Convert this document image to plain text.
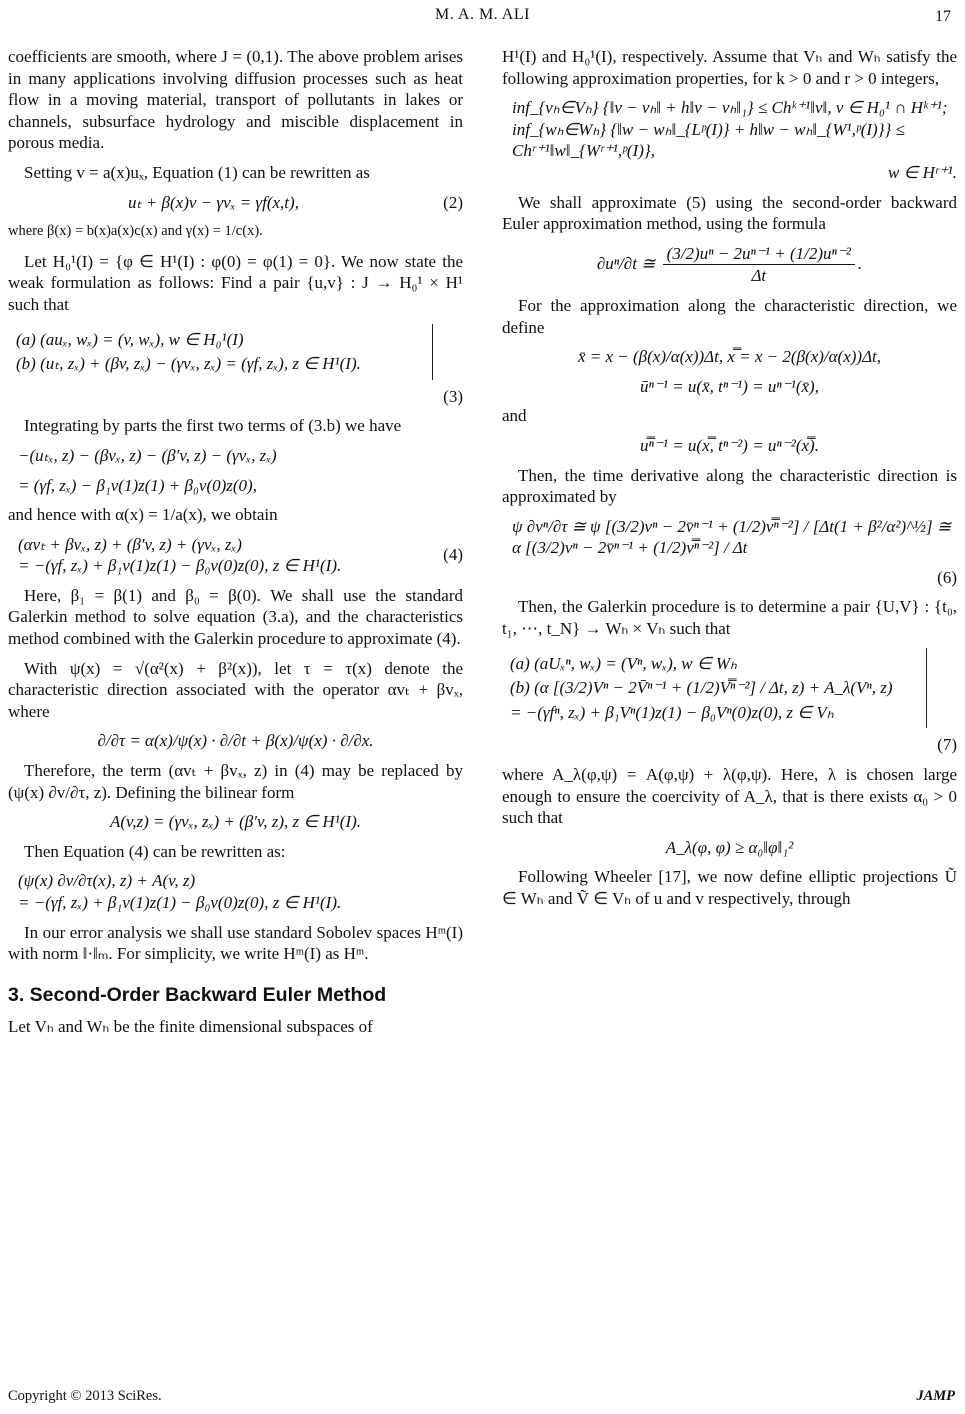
M. A. M. ALI	17

coefficients are smooth, where J = (0,1). The above problem arises in many applications involving diffusion processes such as heat flow in a moving material, transport of pollutants in lakes or channels, subsurface hydrology and miscible displacement in porous media.

Setting v = a(x)uₓ, Equation (1) can be rewritten as

uₜ + β(x)v − γvₓ = γf(x,t),	(2)

where β(x) = b(x)a(x)c(x) and γ(x) = 1/c(x).

Let H₀¹(I) = {φ ∈ H¹(I) : φ(0) = φ(1) = 0}. We now state the weak formulation as follows: Find a pair {u,v} : J → H₀¹ × H¹ such that

(a) (auₓ, wₓ) = (v, wₓ), w ∈ H₀¹(I)
(b) (uₜ, zₓ) + (βv, zₓ) − (γvₓ, zₓ) = (γf, zₓ), z ∈ H¹(I).
(3)

Integrating by parts the first two terms of (3.b) we have

−(uₜₓ, z) − (βvₓ, z) − (β′v, z) − (γvₓ, zₓ)
= (γf, zₓ) − β₁v(1)z(1) + β₀v(0)z(0),

and hence with α(x) = 1/a(x), we obtain

(αvₜ + βvₓ, z) + (β′v, z) + (γvₓ, zₓ)
= −(γf, zₓ) + β₁v(1)z(1) − β₀v(0)z(0), z ∈ H¹(I).
(4)

Here, β₁ = β(1) and β₀ = β(0). We shall use the standard Galerkin method to solve equation (3.a), and the characteristics method combined with the Galerkin procedure to approximate (4).

With ψ(x) = √(α²(x) + β²(x)), let τ = τ(x) denote the characteristic direction associated with the operator αvₜ + βvₓ, where

∂/∂τ = α(x)/ψ(x) · ∂/∂t + β(x)/ψ(x) · ∂/∂x.

Therefore, the term (αvₜ + βvₓ, z) in (4) may be replaced by (ψ(x) ∂v/∂τ, z). Defining the bilinear form

A(v,z) = (γvₓ, zₓ) + (β′v, z), z ∈ H¹(I).

Then Equation (4) can be rewritten as:

(ψ(x) ∂v/∂τ(x), z) + A(v, z)
= −(γf, zₓ) + β₁v(1)z(1) − β₀v(0)z(0), z ∈ H¹(I).

In our error analysis we shall use standard Sobolev spaces Hᵐ(I) with norm ‖·‖ₘ. For simplicity, we write Hᵐ(I) as Hᵐ.

3. Second-Order Backward Euler Method

Let Vₕ and Wₕ be the finite dimensional subspaces of

H¹(I) and H₀¹(I), respectively. Assume that Vₕ and Wₕ satisfy the following approximation properties, for k > 0 and r > 0 integers,

inf_{vₕ∈Vₕ} {‖v − vₕ‖ + h‖v − vₕ‖₁} ≤ Chᵏ⁺¹‖v‖, v ∈ H₀¹ ∩ Hᵏ⁺¹;
inf_{wₕ∈Wₕ} {‖w − wₕ‖_{Lᵖ(I)} + h‖w − wₕ‖_{W¹,ᵖ(I)}} ≤ Chʳ⁺¹‖w‖_{Wʳ⁺¹,ᵖ(I)},
w ∈ Hʳ⁺¹.

We shall approximate (5) using the second-order backward Euler approximation method, using the formula

∂uⁿ/∂t ≅ $\frac{\text{(3/2)uⁿ − 2uⁿ⁻¹ + (1/2)uⁿ⁻²}}{\Delta t}$ .

For the approximation along the characteristic direction, we define

x̄ = x − (β(x)/α(x))Δt, x̿ = x − 2(β(x)/α(x))Δt,
ūⁿ⁻¹ = u(x̄, tⁿ⁻¹) = uⁿ⁻¹(x̄),

and

u̿ⁿ⁻¹ = u(x̿, tⁿ⁻²) = uⁿ⁻²(x̿).

Then, the time derivative along the characteristic direction is approximated by

ψ ∂vⁿ/∂τ ≅ ψ [(3/2)vⁿ − 2v̄ⁿ⁻¹ + (1/2)v̿ⁿ⁻²] / [Δt(1 + β²/α²)^½] ≅ α [(3/2)vⁿ − 2v̄ⁿ⁻¹ + (1/2)v̿ⁿ⁻²] / Δt
(6)

Then, the Galerkin procedure is to determine a pair {U,V} : {t₀, t₁, ⋯, t_N} → Wₕ × Vₕ such that

(a) (aUₓⁿ, wₓ) = (Vⁿ, wₓ), w ∈ Wₕ
(b) (α [(3/2)Vⁿ − 2V̄ⁿ⁻¹ + (1/2)V̿ⁿ⁻²] / Δt, z) + A_λ(Vⁿ, z)
= −(γfⁿ, zₓ) + β₁Vⁿ(1)z(1) − β₀Vⁿ(0)z(0), z ∈ Vₕ
(7)

where A_λ(φ,ψ) = A(φ,ψ) + λ(φ,ψ). Here, λ is chosen large enough to ensure the coercivity of A_λ, that is there exists α₀ > 0 such that

A_λ(φ, φ) ≥ α₀‖φ‖₁²

Following Wheeler [17], we now define elliptic projections Ũ ∈ Wₕ and Ṽ ∈ Vₕ of u and v respectively, through

Copyright © 2013 SciRes.	JAMP
